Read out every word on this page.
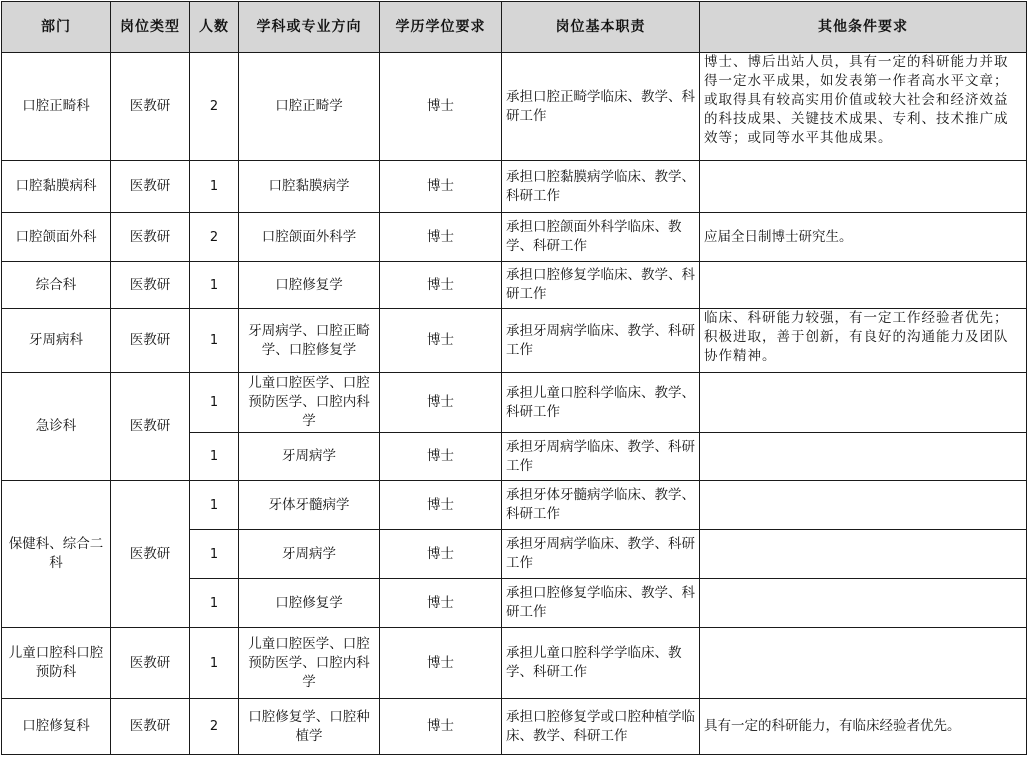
部门	岗位类型	人数	学科或专业方向	学历学位要求	岗位基本职责	其他条件要求
口腔正畸科	医教研	2	口腔正畸学	博士	承担口腔正畸学临床、教学、科研工作	博士、博后出站人员，具有一定的科研能力并取得一定水平成果，如发表第一作者高水平文章；或取得具有较高实用价值或较大社会和经济效益的科技成果、关键技术成果、专利、技术推广成效等；或同等水平其他成果。
口腔黏膜病科	医教研	1	口腔黏膜病学	博士	承担口腔黏膜病学临床、教学、科研工作	
口腔颌面外科	医教研	2	口腔颌面外科学	博士	承担口腔颌面外科学临床、教学、科研工作	应届全日制博士研究生。
综合科	医教研	1	口腔修复学	博士	承担口腔修复学临床、教学、科研工作	
牙周病科	医教研	1	牙周病学、口腔正畸学、口腔修复学	博士	承担牙周病学临床、教学、科研工作	临床、科研能力较强，有一定工作经验者优先；积极进取，善于创新，有良好的沟通能力及团队协作精神。
急诊科	医教研	1	儿童口腔医学、口腔预防医学、口腔内科学	博士	承担儿童口腔科学临床、教学、科研工作	
		1	牙周病学	博士	承担牙周病学临床、教学、科研工作	
保健科、综合二科	医教研	1	牙体牙髓病学	博士	承担牙体牙髓病学临床、教学、科研工作	
		1	牙周病学	博士	承担牙周病学临床、教学、科研工作	
		1	口腔修复学	博士	承担口腔修复学临床、教学、科研工作	
儿童口腔科口腔预防科	医教研	1	儿童口腔医学、口腔预防医学、口腔内科学	博士	承担儿童口腔科学学临床、教学、科研工作	
口腔修复科	医教研	2	口腔修复学、口腔种植学	博士	承担口腔修复学或口腔种植学临床、教学、科研工作	具有一定的科研能力，有临床经验者优先。
